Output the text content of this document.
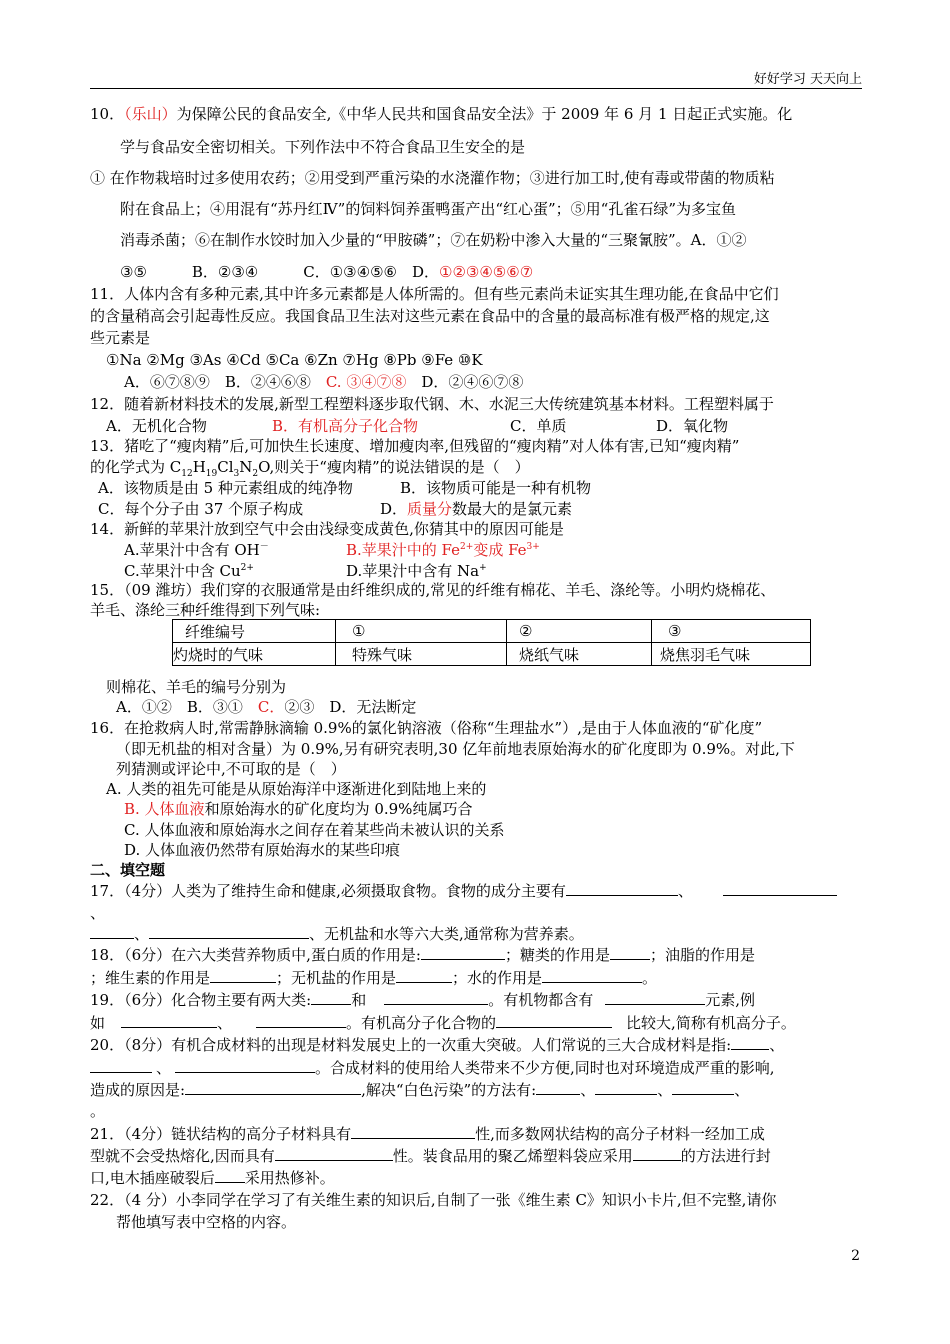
好好学习 天天向上
10．（乐山）为保障公民的食品安全,《中华人民共和国食品安全法》于 2009 年 6 月 1 日起正式实施。化
学与食品安全密切相关。下列作法中不符合食品卫生安全的是
① 在作物栽培时过多使用农药；②用受到严重污染的水浇灌作物；③进行加工时,使有毒或带菌的物质粘
附在食品上；④用混有“苏丹红Ⅳ”的饲料饲养蛋鸭蛋产出“红心蛋”；⑤用“孔雀石绿”为多宝鱼
消毒杀菌；⑥在制作水饺时加入少量的“甲胺磷”；⑦在奶粉中渗入大量的“三聚氰胺”。A．①②
③⑤　　　B．②③④　　　C．①③④⑤⑥　D．①②③④⑤⑥⑦
11．人体内含有多种元素,其中许多元素都是人体所需的。但有些元素尚未证实其生理功能,在食品中它们
的含量稍高会引起毒性反应。我国食品卫生法对这些元素在食品中的含量的最高标准有极严格的规定,这
些元素是
①Na ②Mg ③As ④Cd ⑤Ca ⑥Zn ⑦Hg ⑧Pb ⑨Fe ⑩K
A．⑥⑦⑧⑨　B．②④⑥⑧　C. ③④⑦⑧　D．②④⑥⑦⑧
12．随着新材料技术的发展,新型工程塑料逐步取代钢、木、水泥三大传统建筑基本材料。工程塑料属于
A．无机化合物	B．有机高分子化合物	C．单质	D．氧化物
13．猪吃了“瘦肉精”后,可加快生长速度、增加瘦肉率,但残留的“瘦肉精”对人体有害,已知“瘦肉精”
的化学式为 $C_{12}H_{19}Cl_3N_2O$,则关于“瘦肉精”的说法错误的是（　）
A．该物质是由 5 种元素组成的纯净物	B．该物质可能是一种有机物
C．每个分子由 37 个原子构成	D．质量分数最大的是氯元素
14．新鲜的苹果汁放到空气中会由浅绿变成黄色,你猜其中的原因可能是
A.苹果汁中含有 OH－	B.苹果汁中的 $Fe^{2+}$变成 $Fe^{3+}$
C.苹果汁中含 $Cu^{2+}$	D.苹果汁中含有 Na+
15．（09 潍坊）我们穿的衣服通常是由纤维织成的,常见的纤维有棉花、羊毛、涤纶等。小明灼烧棉花、
羊毛、涤纶三种纤维得到下列气味:
纤维编号	①	②	③
灼烧时的气味	特殊气味	烧纸气味	烧焦羽毛气味
则棉花、羊毛的编号分别为
A．①②　B．③①　C．②③　D．无法断定
16．在抢救病人时,常需静脉滴输 0.9%的氯化钠溶液（俗称“生理盐水”）,是由于人体血液的“矿化度”
（即无机盐的相对含量）为 0.9%,另有研究表明,30 亿年前地表原始海水的矿化度即为 0.9%。对此,下
列猜测或评论中,不可取的是（　）
A. 人类的祖先可能是从原始海洋中逐渐进化到陆地上来的
B. 人体血液和原始海水的矿化度均为 0.9%纯属巧合
C. 人体血液和原始海水之间存在着某些尚未被认识的关系
D. 人体血液仍然带有原始海水的某些印痕
二、填空题
17．（4分）人类为了维持生命和健康,必须摄取食物。食物的成分主要有	、
、
、	、无机盐和水等六大类,通常称为营养素。
18．（6分）在六大类营养物质中,蛋白质的作用是:	；糖类的作用是	；油脂的作用是
；维生素的作用是	；无机盐的作用是	；水的作用是	。
19．（6分）化合物主要有两大类:	和	。有机物都含有	元素,例
如	、	。有机高分子化合物的	比较大,简称有机高分子。
20．（8分）有机合成材料的出现是材料发展史上的一次重大突破。人们常说的三大合成材料是指:	、
、	。合成材料的使用给人类带来不少方便,同时也对环境造成严重的影响,
造成的原因是:	,解决“白色污染”的方法有:	、	、	、
。
21．（4分）链状结构的高分子材料具有	性,而多数网状结构的高分子材料一经加工成
型就不会受热熔化,因而具有	性。装食品用的聚乙烯塑料袋应采用	的方法进行封
口,电木插座破裂后 采用热修补。
22．（4 分）小李同学在学习了有关维生素的知识后,自制了一张《维生素 C》知识小卡片,但不完整,请你
帮他填写表中空格的内容。
2
